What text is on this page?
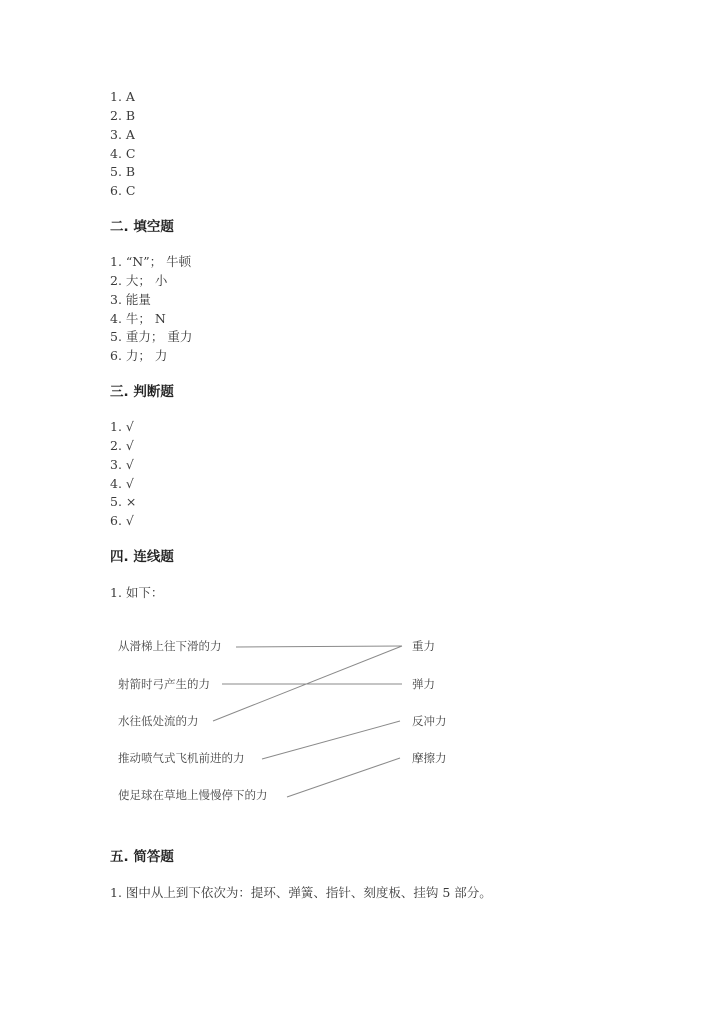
1. A
2. B
3. A
4. C
5. B
6. C
二. 填空题
1. “N”； 牛顿
2. 大； 小
3. 能量
4. 牛； N
5. 重力； 重力
6. 力； 力
三. 判断题
1. √
2. √
3. √
4. √
5. ×
6. √
四. 连线题
1. 如下：
从滑梯上往下滑的力
射箭时弓产生的力
水往低处流的力
推动喷气式飞机前进的力
使足球在草地上慢慢停下的力
重力
弹力
反冲力
摩擦力
五. 简答题
1. 图中从上到下依次为：提环、弹簧、指针、刻度板、挂钩 5 部分。
